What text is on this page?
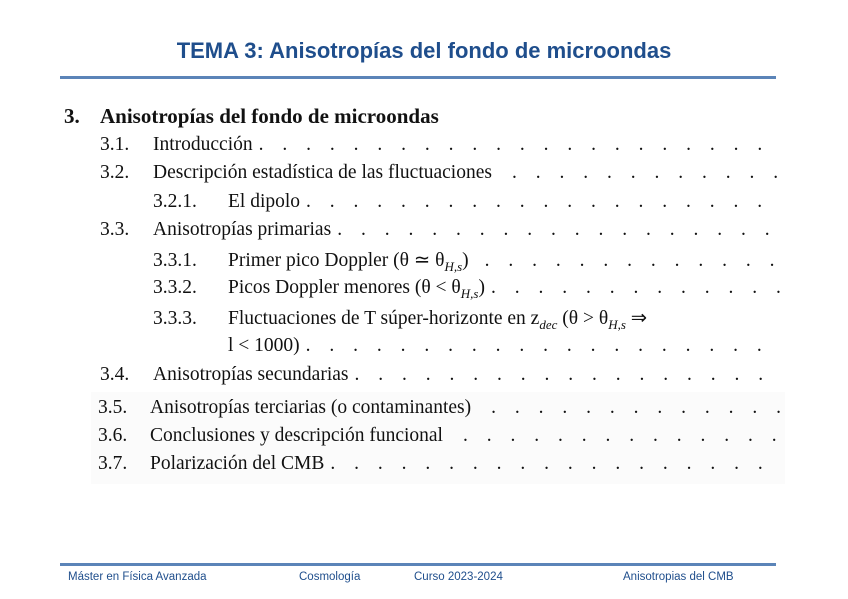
TEMA 3: Anisotropías del fondo de microondas
3. Anisotropías del fondo de microondas
3.1.	Introducción
. . .
3.2.	Descripción estadística de las fluctuaciones
. . .
3.2.1.	El dipolo
. . .
3.3.	Anisotropías primarias
. . .
3.3.1.	Primer pico Doppler (θ ≃ $\theta_{H,s}$)
. . .
3.3.2.	Picos Doppler menores $(\theta < \theta_{H,s})$
. . .
3.3.3. Fluctuaciones de T súper-horizonte en $z_{dec}$ ($\theta > \theta_{H,s}$ ⇒
l < 1000)
. . .
3.4.	Anisotropías secundarias
. . .
3.5.	Anisotropías terciarias (o contaminantes)
. . .
3.6.	Conclusiones y descripción funcional
. . .
3.7.	Polarización del CMB
. . .
Máster en Física Avanzada	Cosmología	Curso 2023-2024	Anisotropias del CMB
